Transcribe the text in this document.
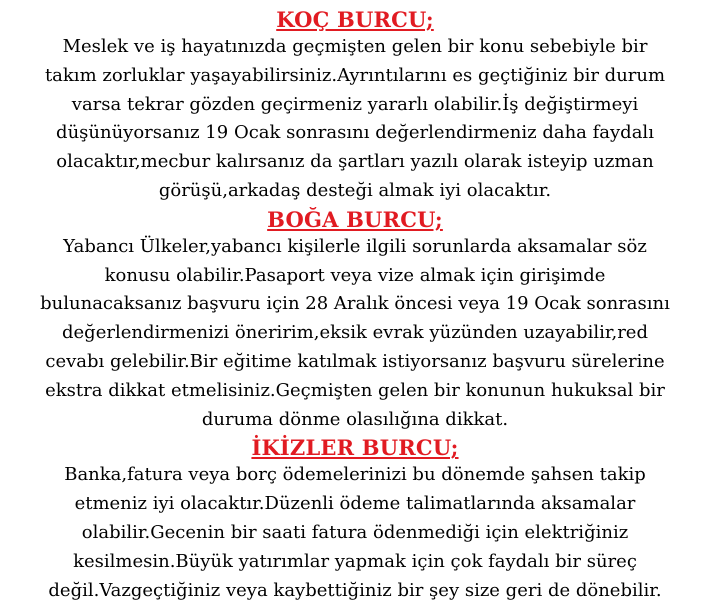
KOÇ BURCU;

Meslek ve iş hayatınızda geçmişten gelen bir konu sebebiyle bir
takım zorluklar yaşayabilirsiniz.Ayrıntılarını es geçtiğiniz bir durum
varsa tekrar gözden geçirmeniz yararlı olabilir.İş değiştirmeyi
düşünüyorsanız 19 Ocak sonrasını değerlendirmeniz daha faydalı
olacaktır,mecbur kalırsanız da şartları yazılı olarak isteyip uzman
görüşü,arkadaş desteği almak iyi olacaktır.

BOĞA BURCU;

Yabancı Ülkeler,yabancı kişilerle ilgili sorunlarda aksamalar söz
konusu olabilir.Pasaport veya vize almak için girişimde
bulunacaksanız başvuru için 28 Aralık öncesi veya 19 Ocak sonrasını
değerlendirmenizi öneririm,eksik evrak yüzünden uzayabilir,red
cevabı gelebilir.Bir eğitime katılmak istiyorsanız başvuru sürelerine
ekstra dikkat etmelisiniz.Geçmişten gelen bir konunun hukuksal bir
duruma dönme olasılığına dikkat.

İKİZLER BURCU;

Banka,fatura veya borç ödemelerinizi bu dönemde şahsen takip
etmeniz iyi olacaktır.Düzenli ödeme talimatlarında aksamalar
olabilir.Gecenin bir saati fatura ödenmediği için elektriğiniz
kesilmesin.Büyük yatırımlar yapmak için çok faydalı bir süreç
değil.Vazgeçtiğiniz veya kaybettiğiniz bir şey size geri de dönebilir.
